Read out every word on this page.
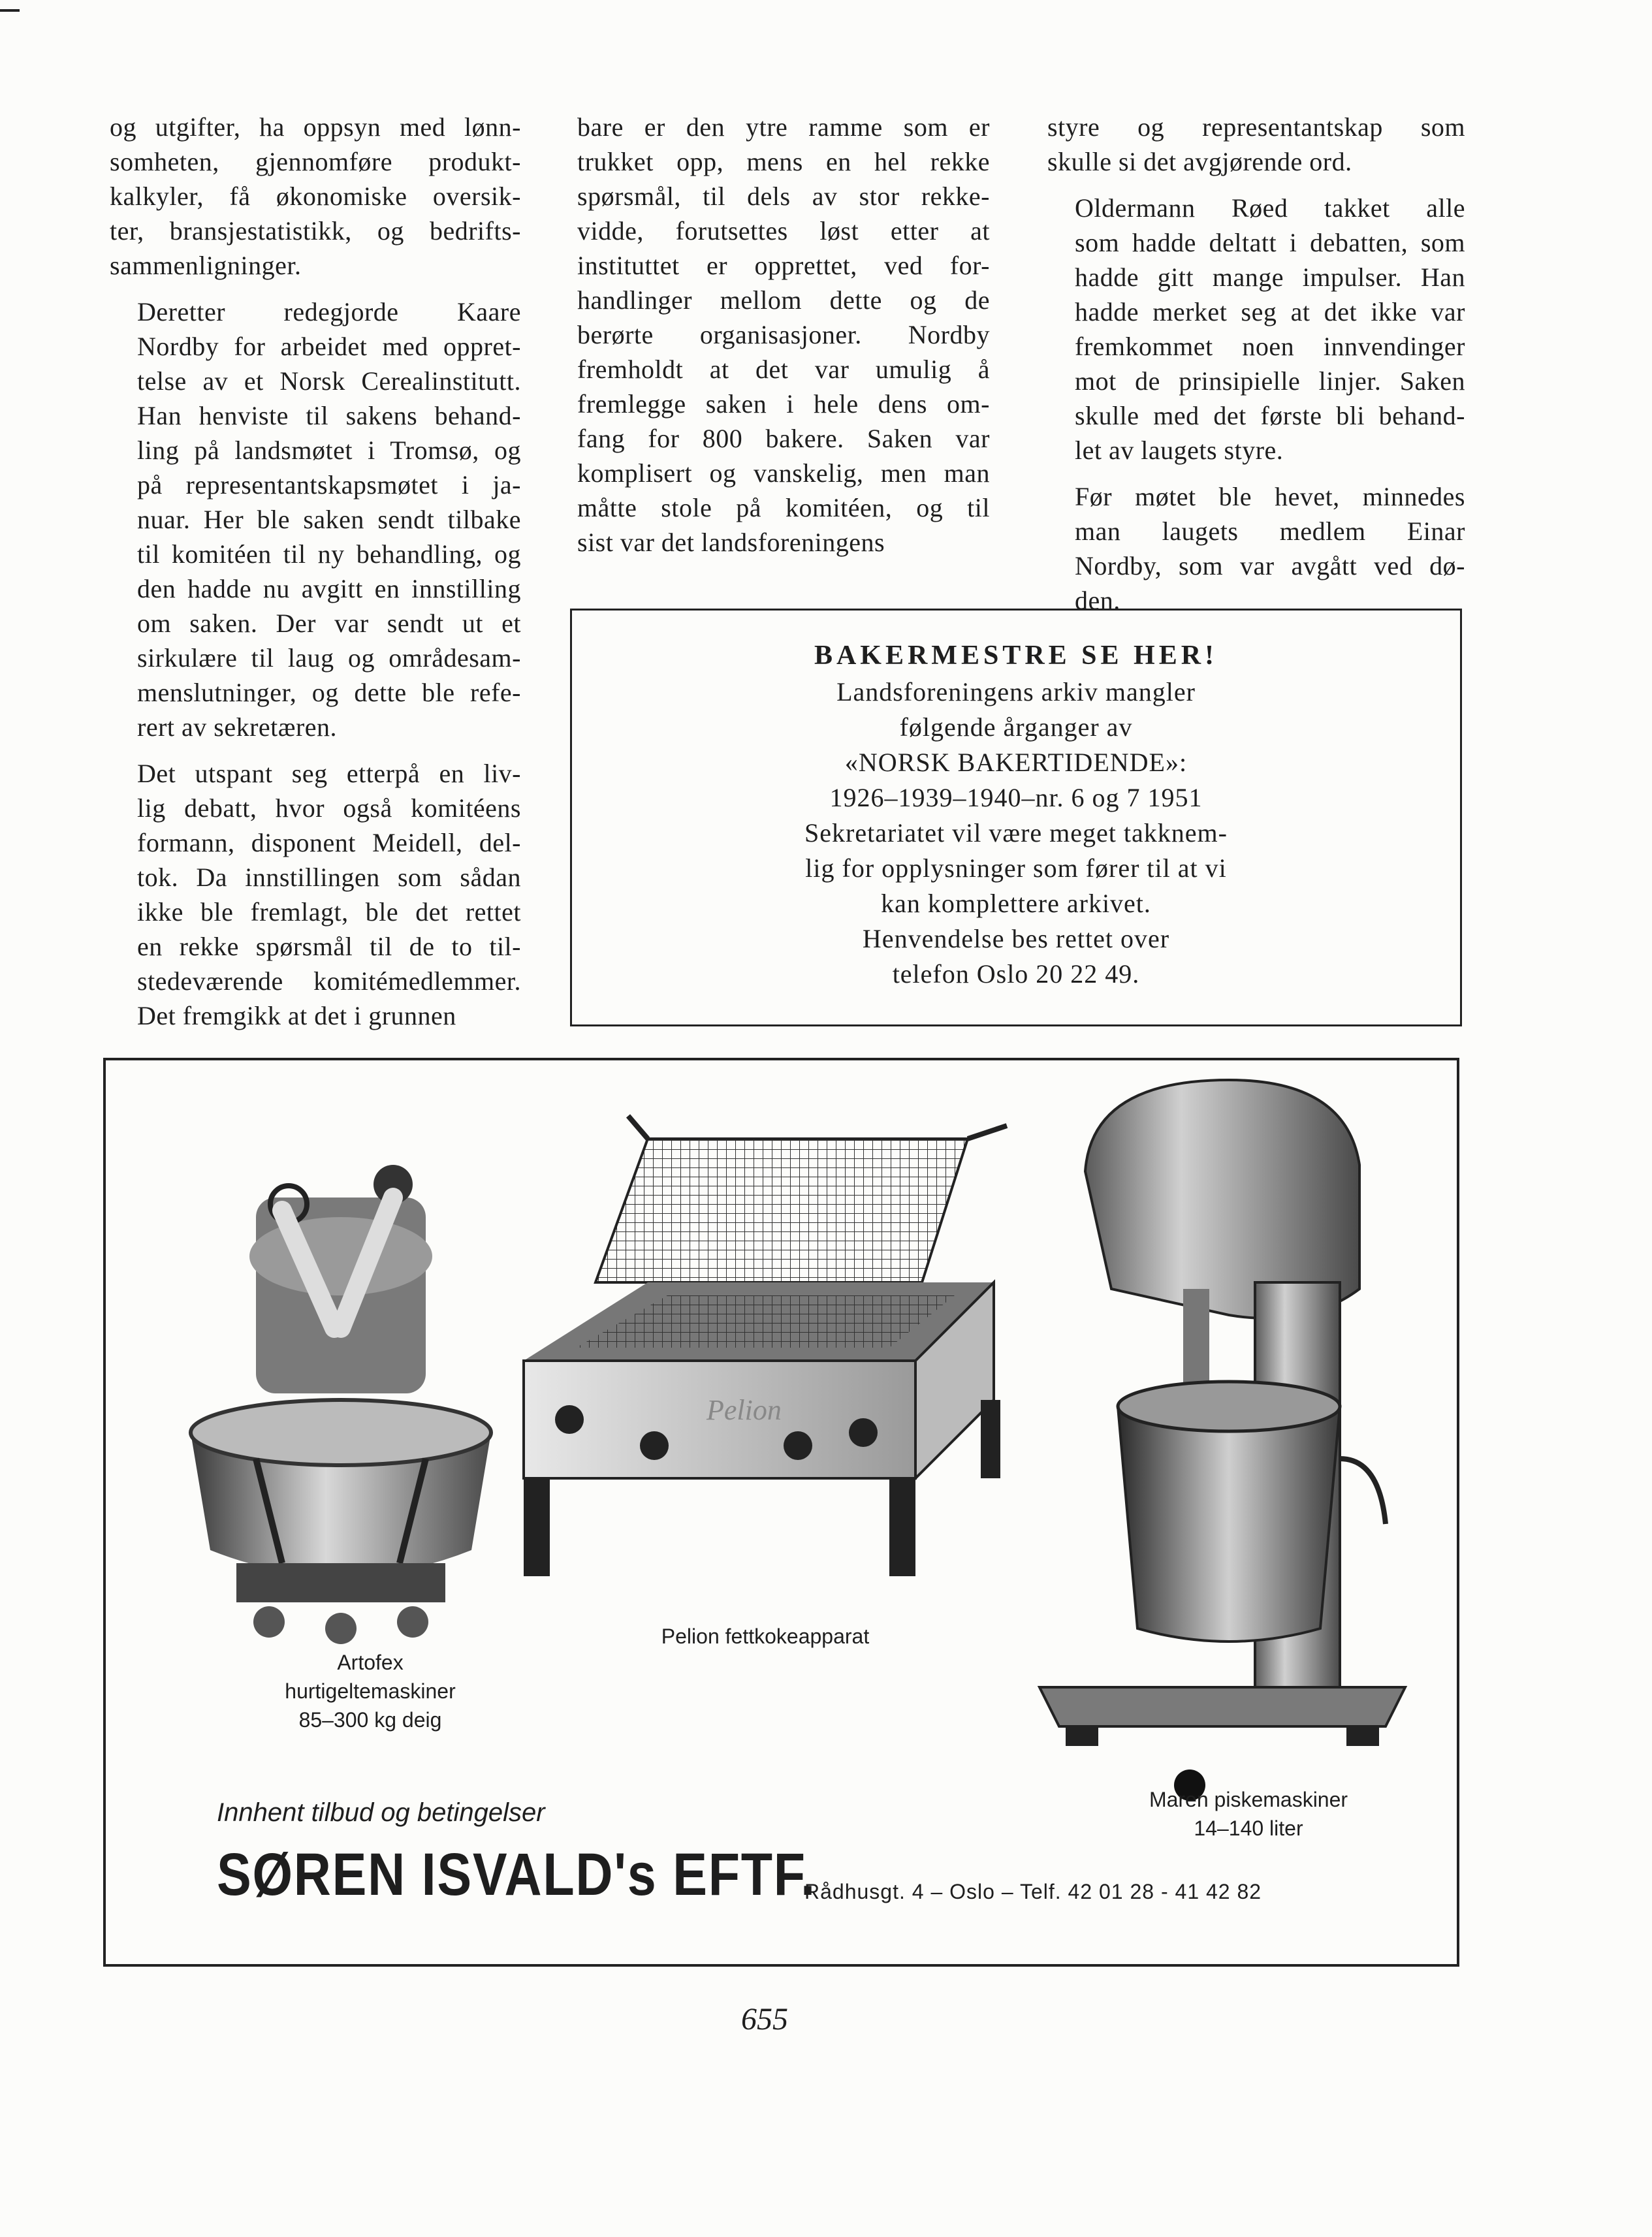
og utgifter, ha oppsyn med lønn-
somheten, gjennomføre produkt-
kalkyler, få økonomiske oversik-
ter, bransjestatistikk, og bedrifts-
sammenligninger.

Deretter redegjorde Kaare
Nordby for arbeidet med oppret-
telse av et Norsk Cerealinstitutt.
Han henviste til sakens behand-
ling på landsmøtet i Tromsø, og
på representantskapsmøtet i ja-
nuar. Her ble saken sendt tilbake
til komitéen til ny behandling, og
den hadde nu avgitt en innstilling
om saken. Der var sendt ut et
sirkulære til laug og områdesam-
menslutninger, og dette ble refe-
rert av sekretæren.

Det utspant seg etterpå en liv-
lig debatt, hvor også komitéens
formann, disponent Meidell, del-
tok. Da innstillingen som sådan
ikke ble fremlagt, ble det rettet
en rekke spørsmål til de to til-
stedeværende komitémedlemmer.
Det fremgikk at det i grunnen

bare er den ytre ramme som er
trukket opp, mens en hel rekke
spørsmål, til dels av stor rekke-
vidde, forutsettes løst etter at
instituttet er opprettet, ved for-
handlinger mellom dette og de
berørte organisasjoner. Nordby
fremholdt at det var umulig å
fremlegge saken i hele dens om-
fang for 800 bakere. Saken var
komplisert og vanskelig, men man
måtte stole på komitéen, og til
sist var det landsforeningens

styre og representantskap som
skulle si det avgjørende ord.

Oldermann Røed takket alle
som hadde deltatt i debatten, som
hadde gitt mange impulser. Han
hadde merket seg at det ikke var
fremkommet noen innvendinger
mot de prinsipielle linjer. Saken
skulle med det første bli behand-
let av laugets styre.

Før møtet ble hevet, minnedes
man laugets medlem Einar
Nordby, som var avgått ved dø-
den.

BAKERMESTRE SE HER!
Landsforeningens arkiv mangler
følgende årganger av
«NORSK BAKERTIDENDE»:
1926–1939–1940–nr. 6 og 7 1951
Sekretariatet vil være meget takknem-
lig for opplysninger som fører til at vi
kan komplettere arkivet.
Henvendelse bes rettet over
telefon Oslo 20 22 49.
Pelion
Artofex
hurtigeltemaskiner
85–300 kg deig
Pelion fettkokeapparat
Maren piskemaskiner
14–140 liter
Innhent tilbud og betingelser
SØREN ISVALD's EFTF.
Rådhusgt. 4 – Oslo – Telf. 42 01 28 - 41 42 82
655
